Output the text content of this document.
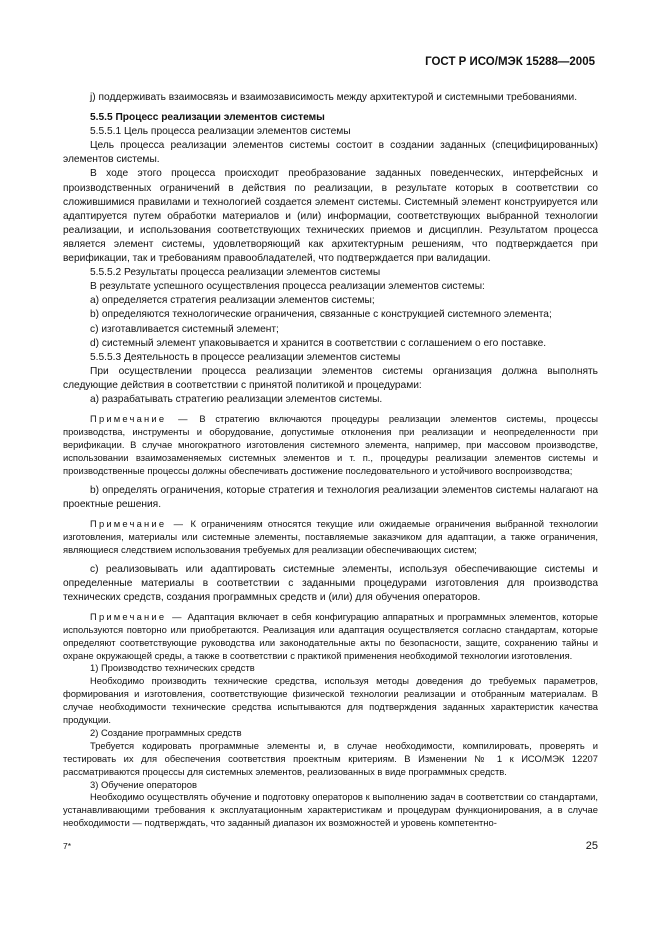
ГОСТ Р ИСО/МЭК 15288—2005

j) поддерживать взаимосвязь и взаимозависимость между архитектурой и системными требованиями.

5.5.5 Процесс реализации элементов системы

5.5.5.1 Цель процесса реализации элементов системы

Цель процесса реализации элементов системы состоит в создании заданных (специфицированных) элементов системы.

В ходе этого процесса происходит преобразование заданных поведенческих, интерфейсных и производственных ограничений в действия по реализации, в результате которых в соответствии со сложившимися правилами и технологией создается элемент системы. Системный элемент конструируется или адаптируется путем обработки материалов и (или) информации, соответствующих выбранной технологии реализации, и использования соответствующих технических приемов и дисциплин. Результатом процесса является элемент системы, удовлетворяющий как архитектурным решениям, что подтверждается при верификации, так и требованиям правообладателей, что подтверждается при валидации.

5.5.5.2 Результаты процесса реализации элементов системы

В результате успешного осуществления процесса реализации элементов системы:

a) определяется стратегия реализации элементов системы;

b) определяются технологические ограничения, связанные с конструкцией системного элемента;

c) изготавливается системный элемент;

d) системный элемент упаковывается и хранится в соответствии с соглашением о его поставке.

5.5.5.3 Деятельность в процессе реализации элементов системы

При осуществлении процесса реализации элементов системы организация должна выполнять следующие действия в соответствии с принятой политикой и процедурами:

a) разрабатывать стратегию реализации элементов системы.

Примечание — В стратегию включаются процедуры реализации элементов системы, процессы производства, инструменты и оборудование, допустимые отклонения при реализации и неопределенности при верификации. В случае многократного изготовления системного элемента, например, при массовом производстве, использовании взаимозаменяемых системных элементов и т. п., процедуры реализации элементов системы и производственные процессы должны обеспечивать достижение последовательного и устойчивого воспроизводства;

b) определять ограничения, которые стратегия и технология реализации элементов системы налагают на проектные решения.

Примечание — К ограничениям относятся текущие или ожидаемые ограничения выбранной технологии изготовления, материалы или системные элементы, поставляемые заказчиком для адаптации, а также ограничения, являющиеся следствием использования требуемых для реализации обеспечивающих систем;

c) реализовывать или адаптировать системные элементы, используя обеспечивающие системы и определенные материалы в соответствии с заданными процедурами изготовления для производства технических средств, создания программных средств и (или) для обучения операторов.

Примечание — Адаптация включает в себя конфигурацию аппаратных и программных элементов, которые используются повторно или приобретаются. Реализация или адаптация осуществляется согласно стандартам, которые определяют соответствующие руководства или законодательные акты по безопасности, защите, сохранению тайны и охране окружающей среды, а также в соответствии с практикой применения необходимой технологии изготовления.

1) Производство технических средств

Необходимо производить технические средства, используя методы доведения до требуемых параметров, формирования и изготовления, соответствующие физической технологии реализации и отобранным материалам. В случае необходимости технические средства испытываются для подтверждения заданных характеристик качества продукции.

2) Создание программных средств

Требуется кодировать программные элементы и, в случае необходимости, компилировать, проверять и тестировать их для обеспечения соответствия проектным критериям. В Изменении № 1 к ИСО/МЭК 12207 рассматриваются процессы для системных элементов, реализованных в виде программных средств.

3) Обучение операторов

Необходимо осуществлять обучение и подготовку операторов к выполнению задач в соответствии со стандартами, устанавливающими требования к эксплуатационным характеристикам и процедурам функционирования, а в случае необходимости — подтверждать, что заданный диапазон их возможностей и уровень компетентно-

7*	25
